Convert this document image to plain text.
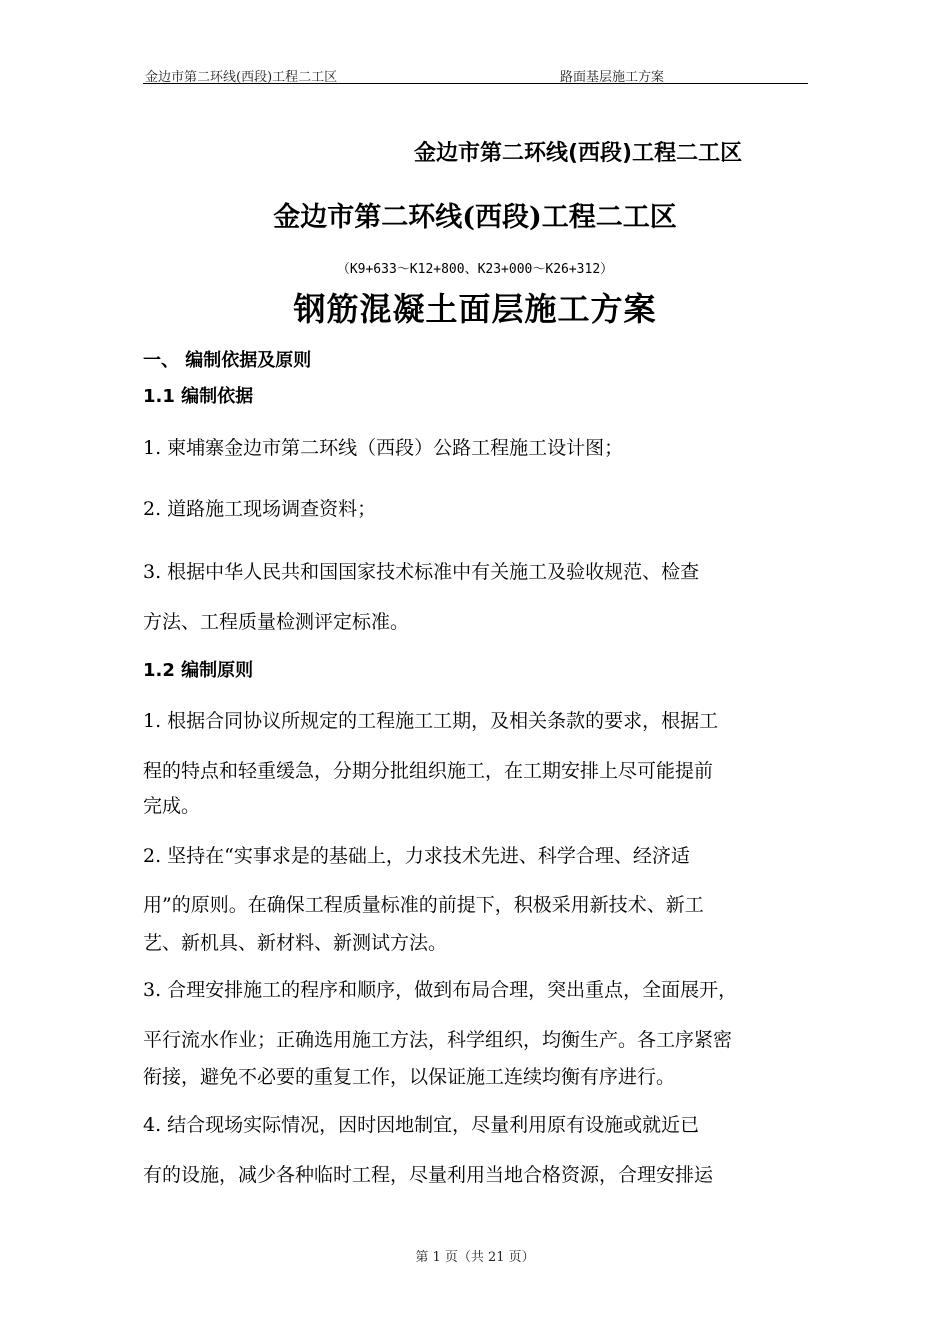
金边市第二环线(西段)工程二工区	路面基层施工方案
金边市第二环线(西段)工程二工区
金边市第二环线(西段)工程二工区
（K9+633～K12+800、K23+000～K26+312）
钢筋混凝土面层施工方案
一、 编制依据及原则
1.1 编制依据
1. 柬埔寨金边市第二环线（西段）公路工程施工设计图；
2. 道路施工现场调查资料；
3. 根据中华人民共和国国家技术标准中有关施工及验收规范、检查
方法、工程质量检测评定标准。
1.2 编制原则
1. 根据合同协议所规定的工程施工工期，及相关条款的要求，根据工
程的特点和轻重缓急，分期分批组织施工，在工期安排上尽可能提前
完成。
2. 坚持在“实事求是的基础上，力求技术先进、科学合理、经济适
用”的原则。在确保工程质量标准的前提下，积极采用新技术、新工
艺、新机具、新材料、新测试方法。
3. 合理安排施工的程序和顺序，做到布局合理，突出重点，全面展开，
平行流水作业；正确选用施工方法，科学组织，均衡生产。各工序紧密
衔接，避免不必要的重复工作，以保证施工连续均衡有序进行。
4. 结合现场实际情况，因时因地制宜，尽量利用原有设施或就近已
有的设施，减少各种临时工程，尽量利用当地合格资源，合理安排运
第 1 页（共 21 页）
